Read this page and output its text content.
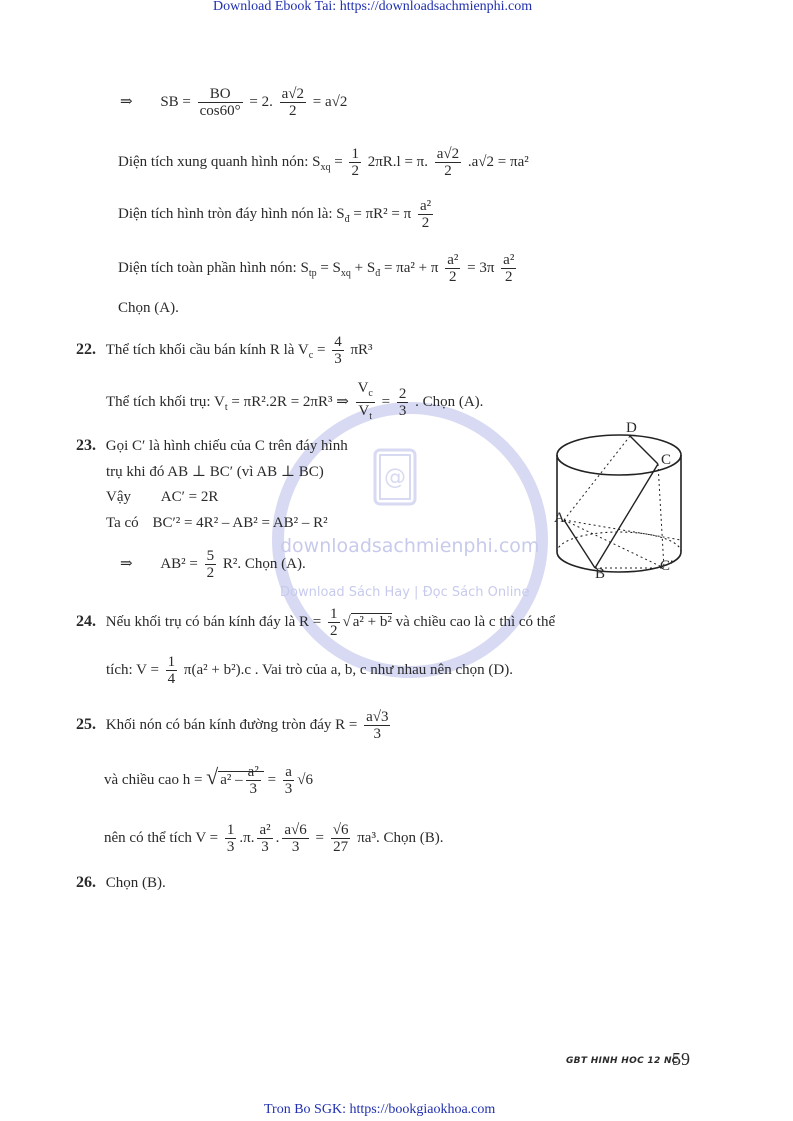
Download Ebook Tai: https://downloadsachmienphi.com
@
downloadsachmienphi.com
Download Sách Hay | Đọc Sách Online
⇒ SB = $\frac{BO}{\cos 60^\circ} = 2$. $\frac{a√2}{2} = a√2$
Diện tích xung quanh hình nón: $S_{xq} = \frac{1}{2} 2\pi R.l = \pi$. $\frac{a√2}{2} .a√2 = \pi a^2$
Diện tích hình tròn đáy hình nón là: $S_đ = \pi R^2 = \pi \frac{\text{a²}}{2}$
Diện tích toàn phần hình nón: $S_{tp} = S_{xq} + S_đ = \pi a^2 + \pi \frac{\text{a²}}{2} = 3\pi \frac{\text{a²}}{2}$
Chọn (A).
22. Thể tích khối cầu bán kính R là $V_c = \frac{4}{3} \pi R^3$
Thể tích khối trụ: $V_t = \pi R^2.2R = 2\pi R^3$ ⇒ $\frac{V_c}{V_t} = \frac{2}{3}$ . Chọn (A).
23. Gọi C′ là hình chiếu của C trên đáy hình
trụ khi đó AB ⊥ BC′ (vì AB ⊥ BC)
Vậy AC′ = 2R
Ta có BC′² = 4R² – AB² = AB² – R²
⇒ $AB^2 = \frac{5}{2} R^2$. Chọn (A).
D
C
A
B	C′
24. Nếu khối trụ có bán kính đáy là $R = \frac{1}{2}$ √ a² + b² và chiều cao là c thì có thể
tích: $V = \frac{1}{4} \pi(a^2 + b^2).c$ . Vai trò của a, b, c như nhau nên chọn (D).
25. Khối nón có bán kính đường tròn đáy $R = \frac{a√3}{3}$
và chiều cao h = √ $a^2 - \frac{\text{a²}}{3} = \frac{a}{3} √6$
nên có thể tích $V = \frac{1}{3} .\pi$. $\frac{\text{a²}}{3}$ . $\frac{a√6}{3} = \frac{√6}{27} \pi a^3$. Chọn (B).
26. Chọn (B).
GBT HINH HOC 12 NC
59
Tron Bo SGK: https://bookgiaokhoa.com
